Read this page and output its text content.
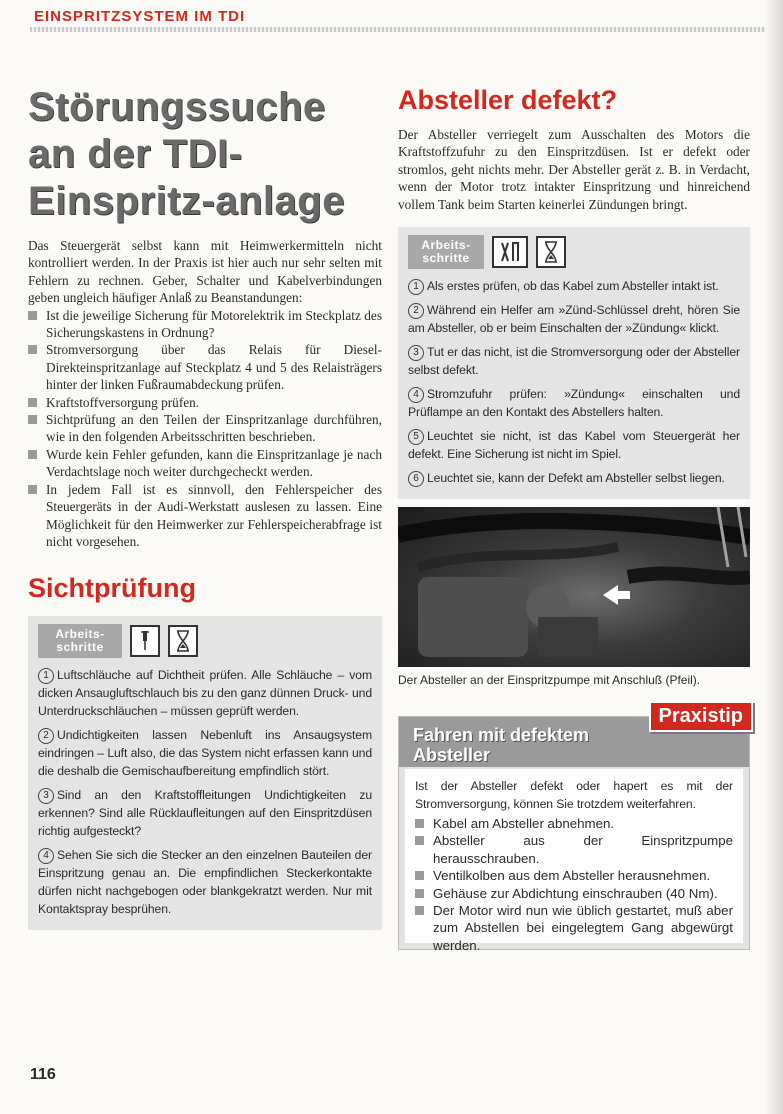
EINSPRITZSYSTEM IM TDI
Störungssuche an der TDI-Einspritz-anlage

Das Steuergerät selbst kann mit Heimwerkermitteln nicht kontrolliert werden. In der Praxis ist hier auch nur sehr selten mit Fehlern zu rechnen. Geber, Schalter und Kabelverbindungen geben ungleich häufiger Anlaß zu Beanstandungen:

Ist die jeweilige Sicherung für Motorelektrik im Steckplatz des Sicherungskastens in Ordnung?
Stromversorgung über das Relais für Diesel-Direkteinspritzanlage auf Steckplatz 4 und 5 des Relaisträgers hinter der linken Fußraumabdeckung prüfen.
Kraftstoffversorgung prüfen.
Sichtprüfung an den Teilen der Einspritzanlage durchführen, wie in den folgenden Arbeitsschritten beschrieben.
Wurde kein Fehler gefunden, kann die Einspritzanlage je nach Verdachtslage noch weiter durchgecheckt werden.
In jedem Fall ist es sinnvoll, den Fehlerspeicher des Steuergeräts in der Audi-Werkstatt auslesen zu lassen. Eine Möglichkeit für den Heimwerker zur Fehlerspeicherabfrage ist nicht vorgesehen.
Sichtprüfung
Arbeits-schritte

1 Luftschläuche auf Dichtheit prüfen. Alle Schläuche – vom dicken Ansaugluftschlauch bis zu den ganz dünnen Druck- und Unterdruckschläuchen – müssen geprüft werden.

2 Undichtigkeiten lassen Nebenluft ins Ansaugsystem eindringen – Luft also, die das System nicht erfassen kann und die deshalb die Gemischaufbereitung empfindlich stört.

3 Sind an den Kraftstoffleitungen Undichtigkeiten zu erkennen? Sind alle Rücklaufleitungen auf den Einspritzdüsen richtig aufgesteckt?

4 Sehen Sie sich die Stecker an den einzelnen Bauteilen der Einspritzung genau an. Die empfindlichen Steckerkontakte dürfen nicht nachgebogen oder blankgekratzt werden. Nur mit Kontaktspray besprühen.

Absteller defekt?

Der Absteller verriegelt zum Ausschalten des Motors die Kraftstoffzufuhr zu den Einspritzdüsen. Ist er defekt oder stromlos, geht nichts mehr. Der Absteller gerät z. B. in Verdacht, wenn der Motor trotz intakter Einspritzung und hinreichend vollem Tank beim Starten keinerlei Zündungen bringt.

Arbeits-schritte

1 Als erstes prüfen, ob das Kabel zum Absteller intakt ist.

2 Während ein Helfer am »Zünd-Schlüssel dreht, hören Sie am Absteller, ob er beim Einschalten der »Zündung« klickt.

3 Tut er das nicht, ist die Stromversorgung oder der Absteller selbst defekt.

4 Stromzufuhr prüfen: »Zündung« einschalten und Prüflampe an den Kontakt des Abstellers halten.

5 Leuchtet sie nicht, ist das Kabel vom Steuergerät her defekt. Eine Sicherung ist nicht im Spiel.

6 Leuchtet sie, kann der Defekt am Absteller selbst liegen.

Der Absteller an der Einspritzpumpe mit Anschluß (Pfeil).
Fahren mit defektem Absteller
Praxistip

Ist der Absteller defekt oder hapert es mit der Stromversorgung, können Sie trotzdem weiterfahren.

Kabel am Absteller abnehmen.
Absteller aus der Einspritzpumpe herausschrauben.
Ventilkolben aus dem Absteller herausnehmen.
Gehäuse zur Abdichtung einschrauben (40 Nm).
Der Motor wird nun wie üblich gestartet, muß aber zum Abstellen bei eingelegtem Gang abgewürgt werden.
116
